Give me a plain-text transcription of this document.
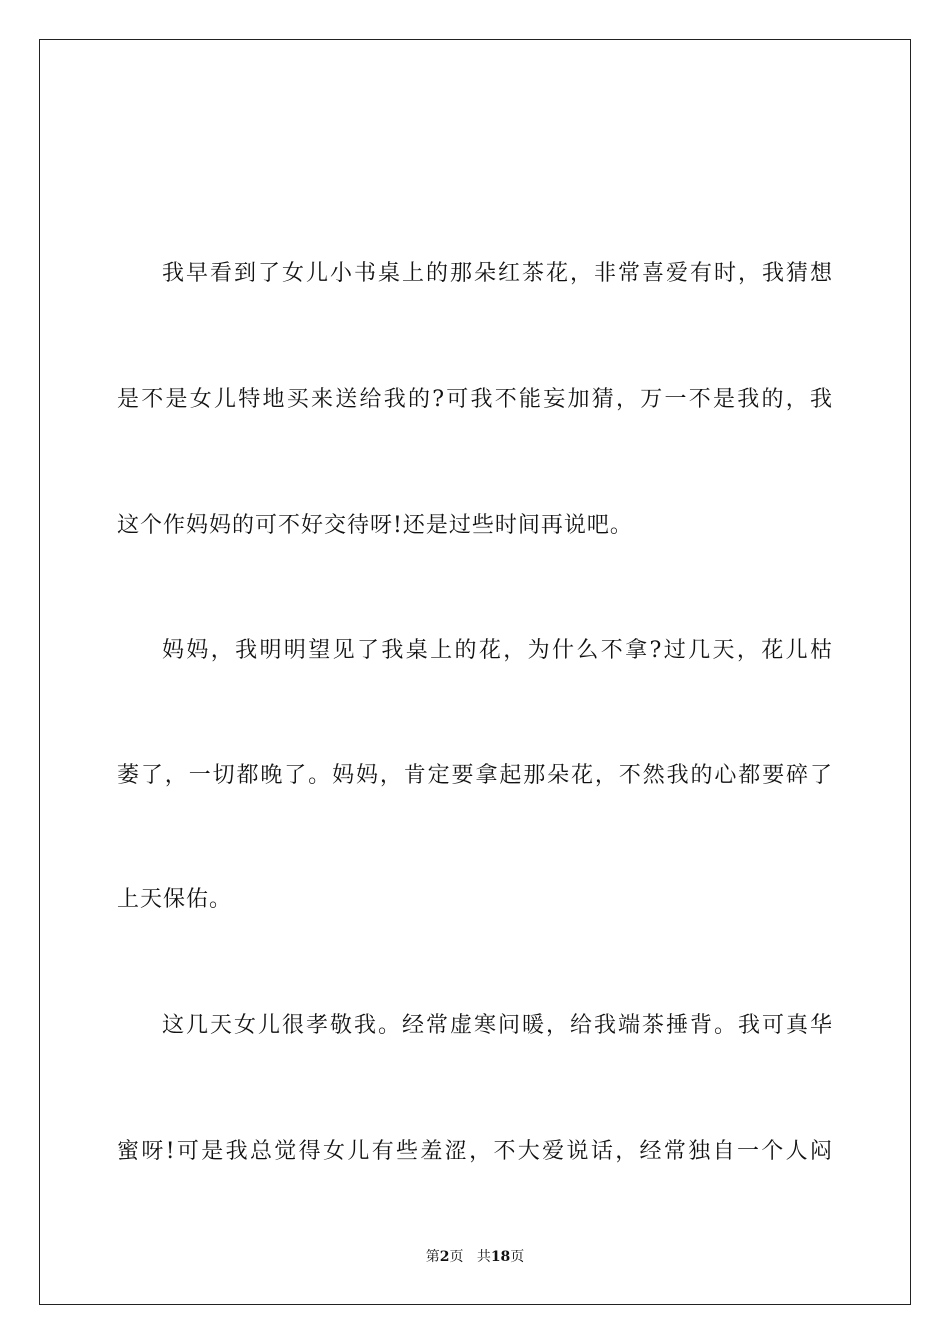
我早看到了女儿小书桌上的那朵红茶花，非常喜爱有时，我猜想
是不是女儿特地买来送给我的?可我不能妄加猜，万一不是我的，我
这个作妈妈的可不好交待呀!还是过些时间再说吧。
妈妈，我明明望见了我桌上的花，为什么不拿?过几天，花儿枯
萎了，一切都晚了。妈妈，肯定要拿起那朵花，不然我的心都要碎了
上天保佑。
这几天女儿很孝敬我。经常虚寒问暖，给我端茶捶背。我可真华
蜜呀!可是我总觉得女儿有些羞涩，不大爱说话，经常独自一个人闷
第2页 共18页
